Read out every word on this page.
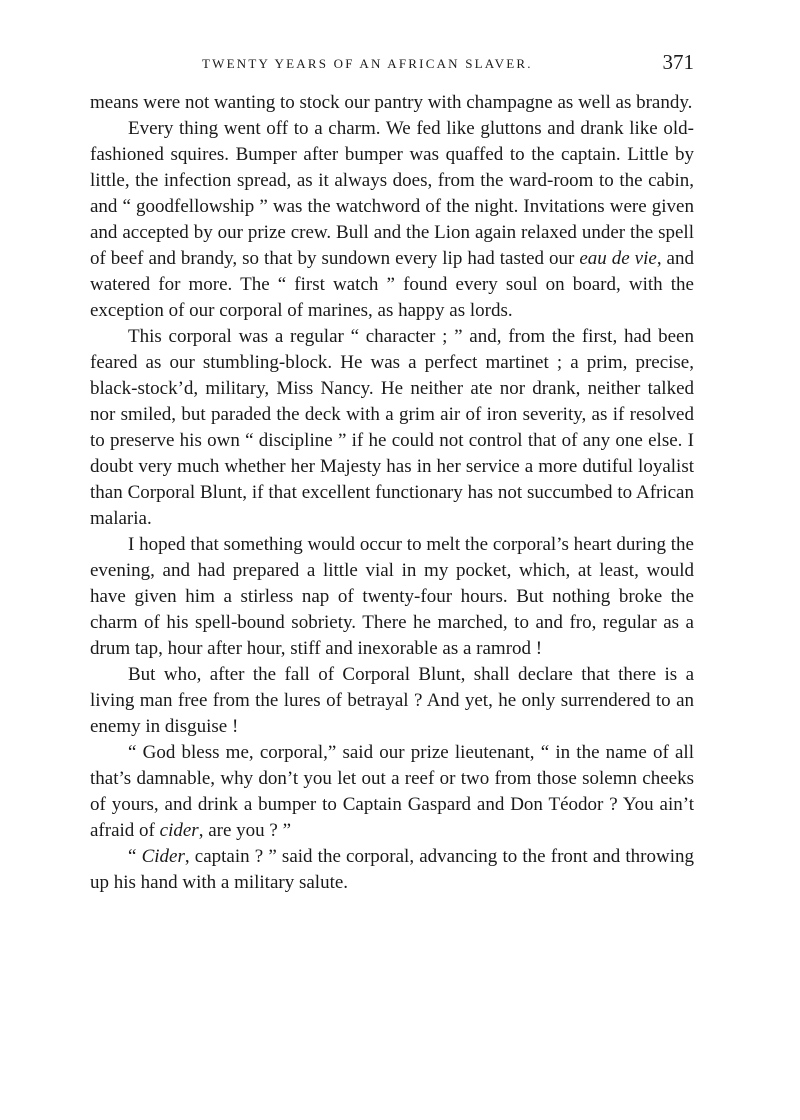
TWENTY YEARS OF AN AFRICAN SLAVER.	371

means were not wanting to stock our pantry with champagne as well as brandy.

Every thing went off to a charm. We fed like gluttons and drank like old-fashioned squires. Bumper after bumper was quaffed to the captain. Little by little, the infection spread, as it always does, from the ward-room to the cabin, and “ goodfellowship ” was the watchword of the night. Invitations were given and accepted by our prize crew. Bull and the Lion again relaxed under the spell of beef and brandy, so that by sundown every lip had tasted our eau de vie, and watered for more. The “ first watch ” found every soul on board, with the exception of our corporal of marines, as happy as lords.

This corporal was a regular “ character ; ” and, from the first, had been feared as our stumbling-block. He was a perfect martinet ; a prim, precise, black-stock’d, military, Miss Nancy. He neither ate nor drank, neither talked nor smiled, but paraded the deck with a grim air of iron severity, as if resolved to preserve his own “ discipline ” if he could not control that of any one else. I doubt very much whether her Majesty has in her service a more dutiful loyalist than Corporal Blunt, if that excellent functionary has not succumbed to African malaria.

I hoped that something would occur to melt the corporal’s heart during the evening, and had prepared a little vial in my pocket, which, at least, would have given him a stirless nap of twenty-four hours. But nothing broke the charm of his spell-bound sobriety. There he marched, to and fro, regular as a drum tap, hour after hour, stiff and inexorable as a ramrod !

But who, after the fall of Corporal Blunt, shall declare that there is a living man free from the lures of betrayal ? And yet, he only surrendered to an enemy in disguise !

“ God bless me, corporal,” said our prize lieutenant, “ in the name of all that’s damnable, why don’t you let out a reef or two from those solemn cheeks of yours, and drink a bumper to Captain Gaspard and Don Téodor ? You ain’t afraid of cider, are you ? ”

“ Cider, captain ? ” said the corporal, advancing to the front and throwing up his hand with a military salute.
